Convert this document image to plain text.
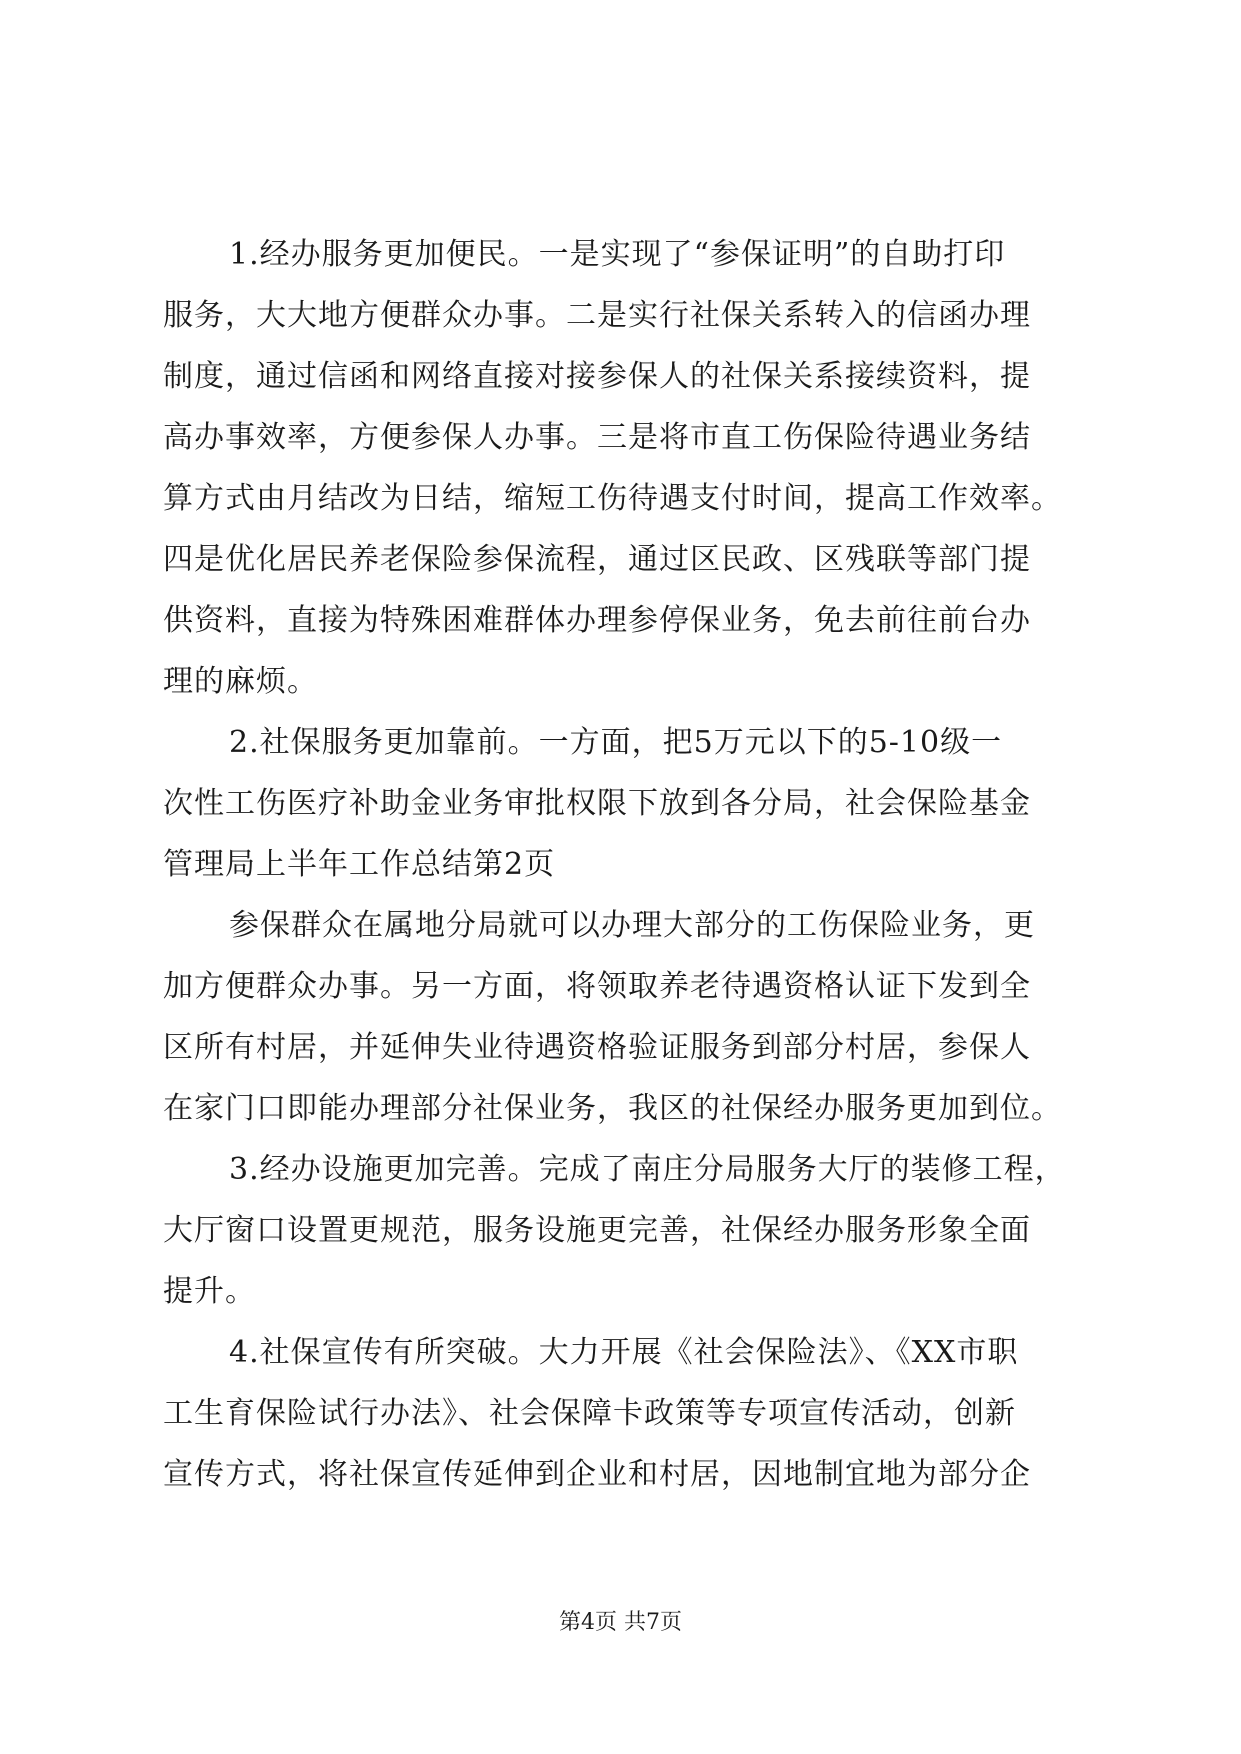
1.经办服务更加便民。一是实现了“参保证明”的自助打印
服务，大大地方便群众办事。二是实行社保关系转入的信函办理
制度，通过信函和网络直接对接参保人的社保关系接续资料，提
高办事效率，方便参保人办事。三是将市直工伤保险待遇业务结
算方式由月结改为日结，缩短工伤待遇支付时间，提高工作效率。
四是优化居民养老保险参保流程，通过区民政、区残联等部门提
供资料，直接为特殊困难群体办理参停保业务，免去前往前台办
理的麻烦。
2.社保服务更加靠前。一方面，把5万元以下的5-10级一
次性工伤医疗补助金业务审批权限下放到各分局，社会保险基金
管理局上半年工作总结第2页
参保群众在属地分局就可以办理大部分的工伤保险业务，更
加方便群众办事。另一方面，将领取养老待遇资格认证下发到全
区所有村居，并延伸失业待遇资格验证服务到部分村居，参保人
在家门口即能办理部分社保业务，我区的社保经办服务更加到位。
3.经办设施更加完善。完成了南庄分局服务大厅的装修工程，
大厅窗口设置更规范，服务设施更完善，社保经办服务形象全面
提升。
4.社保宣传有所突破。大力开展《社会保险法》、《XX市职
工生育保险试行办法》、社会保障卡政策等专项宣传活动，创新
宣传方式，将社保宣传延伸到企业和村居，因地制宜地为部分企
第4页 共7页
